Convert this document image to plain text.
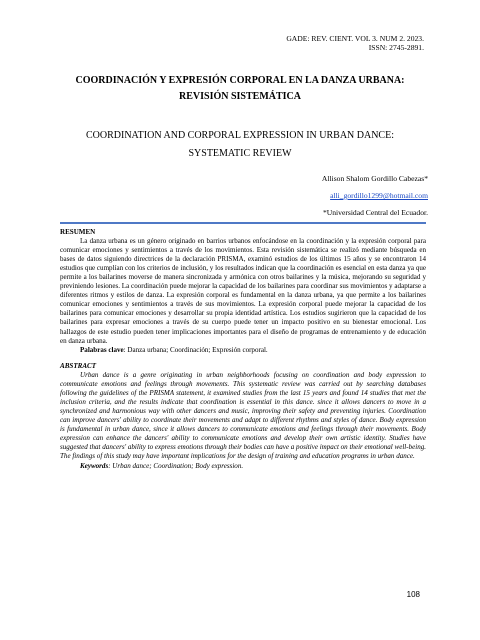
GADE: REV. CIENT. VOL 3. NUM 2. 2023.
ISSN: 2745-2891.
COORDINACIÓN Y EXPRESIÓN CORPORAL EN LA DANZA URBANA:
REVISIÓN SISTEMÁTICA
COORDINATION AND CORPORAL EXPRESSION IN URBAN DANCE:
SYSTEMATIC REVIEW
Allison Shalom Gordillo Cabezas*
alli_gordillo1299@hotmail.com
*Universidad Central del Ecuador.
RESUMEN

La danza urbana es un género originado en barrios urbanos enfocándose en la coordinación y la expresión corporal para comunicar emociones y sentimientos a través de los movimientos. Esta revisión sistemática se realizó mediante búsqueda en bases de datos siguiendo directrices de la declaración PRISMA, examinó estudios de los últimos 15 años y se encontraron 14 estudios que cumplían con los criterios de inclusión, y los resultados indican que la coordinación es esencial en esta danza ya que permite a los bailarines moverse de manera sincronizada y armónica con otros bailarines y la música, mejorando su seguridad y previniendo lesiones. La coordinación puede mejorar la capacidad de los bailarines para coordinar sus movimientos y adaptarse a diferentes ritmos y estilos de danza. La expresión corporal es fundamental en la danza urbana, ya que permite a los bailarines comunicar emociones y sentimientos a través de sus movimientos. La expresión corporal puede mejorar la capacidad de los bailarines para comunicar emociones y desarrollar su propia identidad artística. Los estudios sugirieron que la capacidad de los bailarines para expresar emociones a través de su cuerpo puede tener un impacto positivo en su bienestar emocional. Los hallazgos de este estudio pueden tener implicaciones importantes para el diseño de programas de entrenamiento y de educación en danza urbana.

Palabras clave: Danza urbana; Coordinación; Expresión corporal.

ABSTRACT

Urban dance is a genre originating in urban neighborhoods focusing on coordination and body expression to communicate emotions and feelings through movements. This systematic review was carried out by searching databases following the guidelines of the PRISMA statement, it examined studies from the last 15 years and found 14 studies that met the inclusion criteria, and the results indicate that coordination is essential in this dance. since it allows dancers to move in a synchronized and harmonious way with other dancers and music, improving their safety and preventing injuries. Coordination can improve dancers' ability to coordinate their movements and adapt to different rhythms and styles of dance. Body expression is fundamental in urban dance, since it allows dancers to communicate emotions and feelings through their movements. Body expression can enhance the dancers' ability to communicate emotions and develop their own artistic identity. Studies have suggested that dancers' ability to express emotions through their bodies can have a positive impact on their emotional well-being. The findings of this study may have important implications for the design of training and education programs in urban dance.

Keywords: Urban dance; Coordination; Body expression.

108
